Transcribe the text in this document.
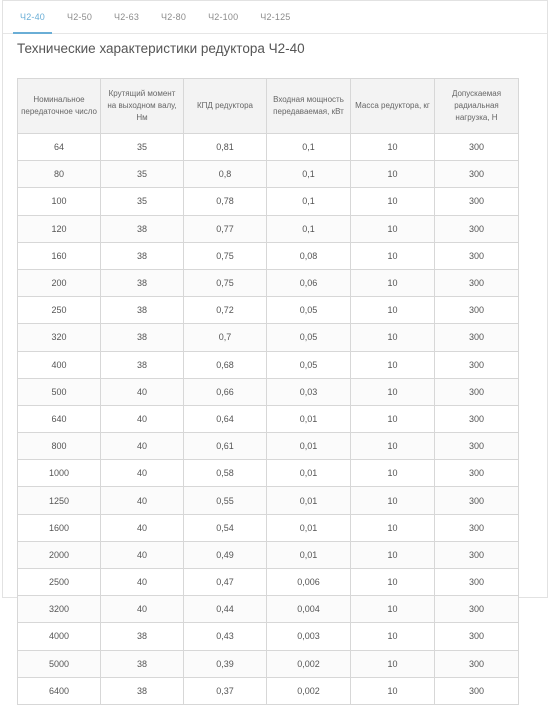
Ч2-40	Ч2-50	Ч2-63	Ч2-80	Ч2-100	Ч2-125
Технические характеристики редуктора Ч2-40
Номинальное передаточное число	Крутящий момент на выходном валу, Нм	КПД редуктора	Входная мощность передаваемая, кВт	Масса редуктора, кг	Допускаемая радиальная нагрузка, Н
64	35	0,81	0,1	10	300
80	35	0,8	0,1	10	300
100	35	0,78	0,1	10	300
120	38	0,77	0,1	10	300
160	38	0,75	0,08	10	300
200	38	0,75	0,06	10	300
250	38	0,72	0,05	10	300
320	38	0,7	0,05	10	300
400	38	0,68	0,05	10	300
500	40	0,66	0,03	10	300
640	40	0,64	0,01	10	300
800	40	0,61	0,01	10	300
1000	40	0,58	0,01	10	300
1250	40	0,55	0,01	10	300
1600	40	0,54	0,01	10	300
2000	40	0,49	0,01	10	300
2500	40	0,47	0,006	10	300
3200	40	0,44	0,004	10	300
4000	38	0,43	0,003	10	300
5000	38	0,39	0,002	10	300
6400	38	0,37	0,002	10	300
